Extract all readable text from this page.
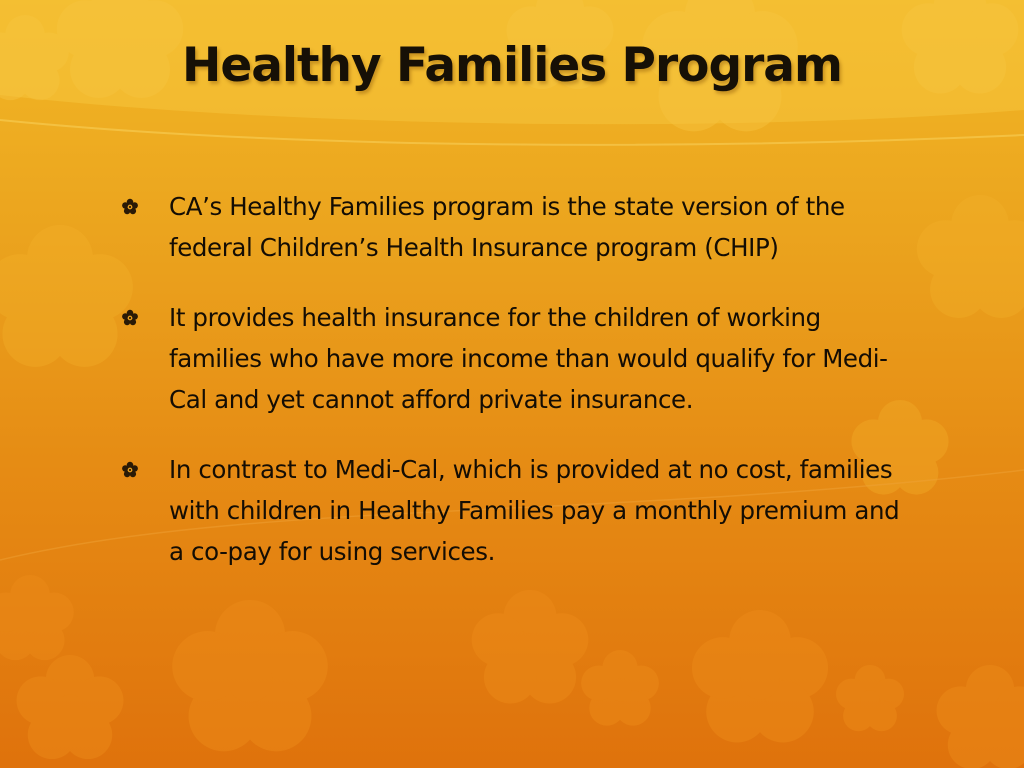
Healthy Families Program
CA’s Healthy Families program is the state version of the federal Children’s Health Insurance program (CHIP)
It provides health insurance for the children of working families who have more income than would qualify for Medi-Cal and yet cannot afford private insurance.
In contrast to Medi-Cal, which is provided at no cost, families with children in Healthy Families pay a monthly premium and a co-pay for using services.
